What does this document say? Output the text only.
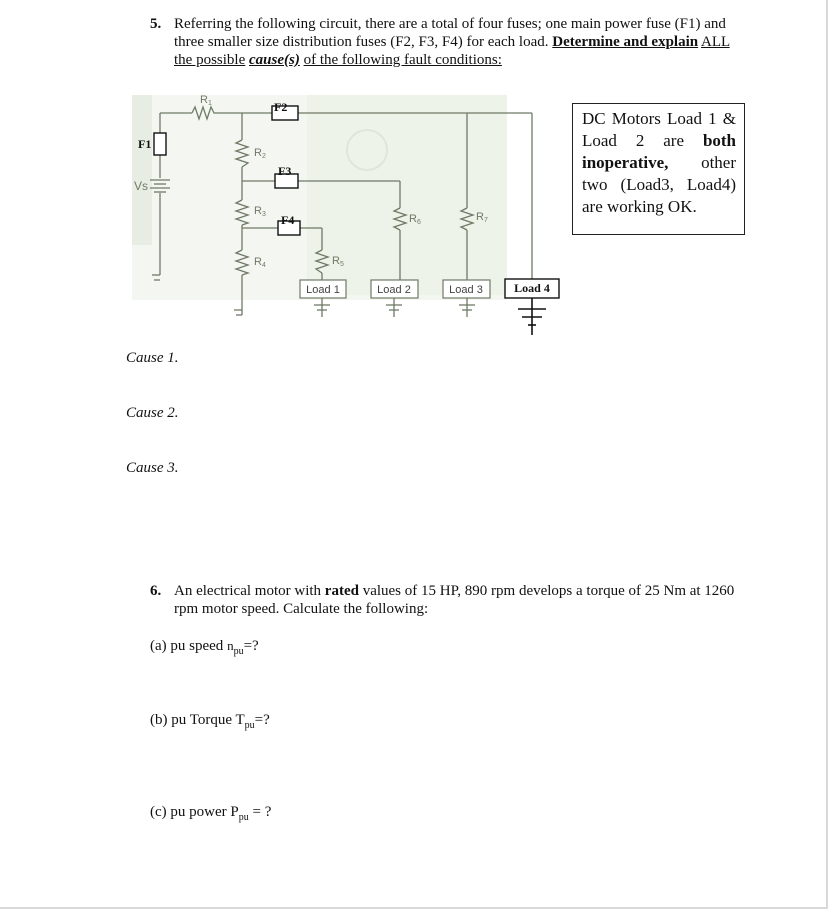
5. Referring the following circuit, there are a total of four fuses; one main power fuse (F1) and three smaller size distribution fuses (F2, F3, F4) for each load. Determine and explain ALL the possible cause(s) of the following fault conditions:
Vs
R1
R2
R3
R4	R5
R6	R7
F1
F2
F3
F4
Load 1	Load 2	Load 3	Load 4
DC Motors Load 1 & Load 2 are both inoperative, other two (Load3, Load4) are working OK.
Cause 1.
Cause 2.
Cause 3.
6. An electrical motor with rated values of 15 HP, 890 rpm develops a torque of 25 Nm at 1260 rpm motor speed. Calculate the following:
(a) pu speed $n_{pu}=$?
(b) pu Torque $T_{pu}=$?
(c) pu power $P_{pu}$ = ?
